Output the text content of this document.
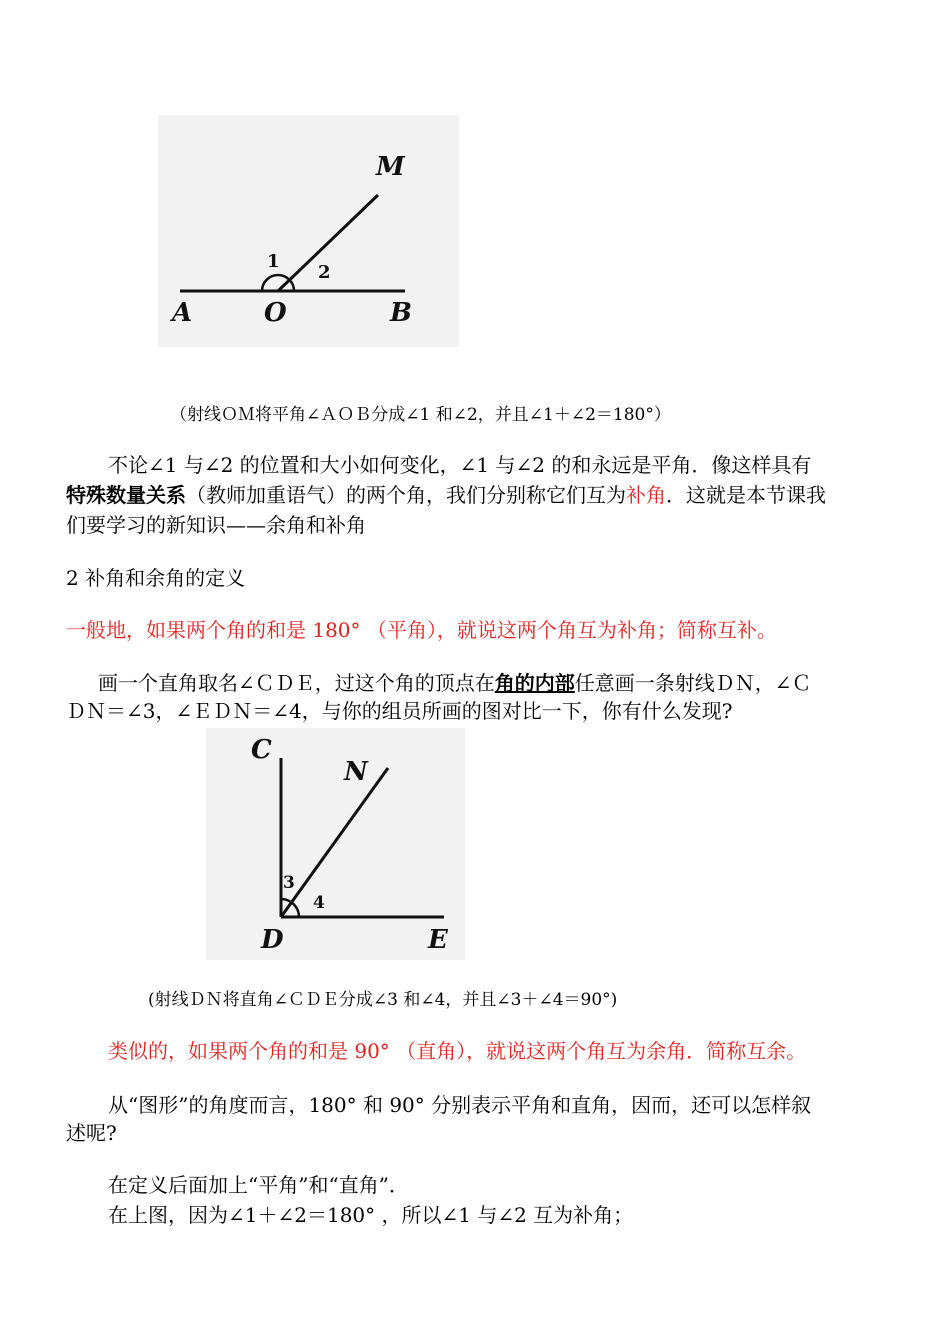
M
A	O	B
1
2
（射线ＯＭ将平角∠ＡＯＢ分成∠1 和∠2，并且∠1＋∠2＝180°）
不论∠1 与∠2 的位置和大小如何变化，∠1 与∠2 的和永远是平角．像这样具有
特殊数量关系（教师加重语气）的两个角，我们分别称它们互为补角．这就是本节课我
们要学习的新知识——余角和补角
2 补角和余角的定义
一般地，如果两个角的和是 180° （平角），就说这两个角互为补角；简称互补。
画一个直角取名∠ＣＤＥ，过这个角的顶点在角的内部任意画一条射线ＤＮ，∠Ｃ
ＤＮ＝∠3，∠ＥＤＮ＝∠4，与你的组员所画的图对比一下，你有什么发现?
C
N
D	E
3
4
(射线ＤＮ将直角∠ＣＤＥ分成∠3 和∠4，并且∠3＋∠4＝90°)
类似的，如果两个角的和是 90° （直角），就说这两个角互为余角．简称互余。
从“图形”的角度而言，180° 和 90° 分别表示平角和直角，因而，还可以怎样叙
述呢?
在定义后面加上“平角”和“直角”．
在上图，因为∠1＋∠2＝180° ，所以∠1 与∠2 互为补角；
